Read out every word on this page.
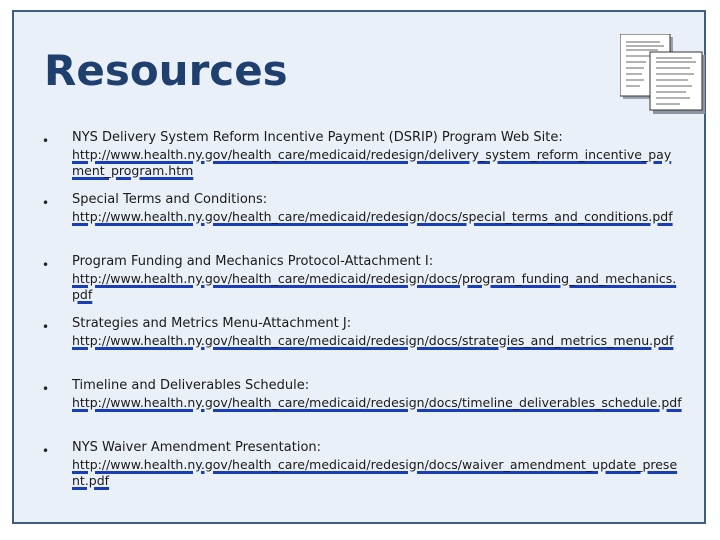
Resources
• NYS Delivery System Reform Incentive Payment (DSRIP) Program Web Site:
http://www.health.ny.gov/health_care/medicaid/redesign/delivery_system_reform_incentive_payment_program.htm
• Special Terms and Conditions:
http://www.health.ny.gov/health_care/medicaid/redesign/docs/special_terms_and_conditions.pdf
• Program Funding and Mechanics Protocol-Attachment I:
http://www.health.ny.gov/health_care/medicaid/redesign/docs/program_funding_and_mechanics.pdf
• Strategies and Metrics Menu-Attachment J:
http://www.health.ny.gov/health_care/medicaid/redesign/docs/strategies_and_metrics_menu.pdf
• Timeline and Deliverables Schedule:
http://www.health.ny.gov/health_care/medicaid/redesign/docs/timeline_deliverables_schedule.pdf
• NYS Waiver Amendment Presentation:
http://www.health.ny.gov/health_care/medicaid/redesign/docs/waiver_amendment_update_present.pdf
